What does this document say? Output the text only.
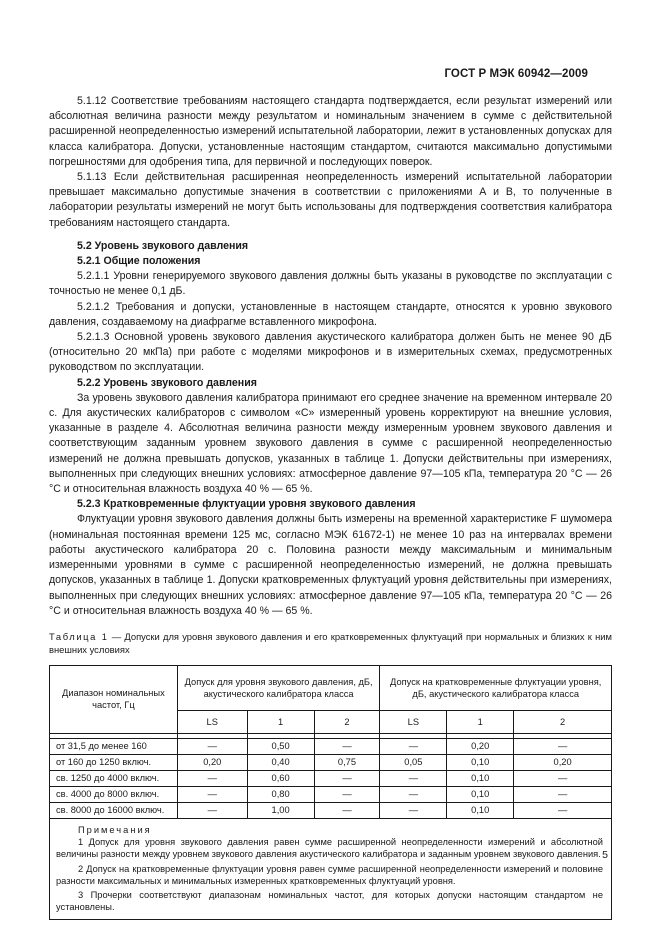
ГОСТ Р МЭК 60942—2009

5.1.12 Соответствие требованиям настоящего стандарта подтверждается, если результат измерений или абсолютная величина разности между результатом и номинальным значением в сумме с действительной расширенной неопределенностью измерений испытательной лаборатории, лежит в установленных допусках для класса калибратора. Допуски, установленные настоящим стандартом, считаются максимально допустимыми погрешностями для одобрения типа, для первичной и последующих поверок.

5.1.13 Если действительная расширенная неопределенность измерений испытательной лаборатории превышает максимально допустимые значения в соответствии с приложениями А и В, то полученные в лаборатории результаты измерений не могут быть использованы для подтверждения соответствия калибратора требованиям настоящего стандарта.

5.2 Уровень звукового давления

5.2.1 Общие положения

5.2.1.1 Уровни генерируемого звукового давления должны быть указаны в руководстве по эксплуатации с точностью не менее 0,1 дБ.

5.2.1.2 Требования и допуски, установленные в настоящем стандарте, относятся к уровню звукового давления, создаваемому на диафрагме вставленного микрофона.

5.2.1.3 Основной уровень звукового давления акустического калибратора должен быть не менее 90 дБ (относительно 20 мкПа) при работе с моделями микрофонов и в измерительных схемах, предусмотренных руководством по эксплуатации.

5.2.2 Уровень звукового давления

За уровень звукового давления калибратора принимают его среднее значение на временном интервале 20 с. Для акустических калибраторов с символом «С» измеренный уровень корректируют на внешние условия, указанные в разделе 4. Абсолютная величина разности между измеренным уровнем звукового давления и соответствующим заданным уровнем звукового давления в сумме с расширенной неопределенностью измерений не должна превышать допусков, указанных в таблице 1. Допуски действительны при измерениях, выполненных при следующих внешних условиях: атмосферное давление 97—105 кПа, температура 20 °С — 26 °С и относительная влажность воздуха 40 % — 65 %.

5.2.3 Кратковременные флуктуации уровня звукового давления

Флуктуации уровня звукового давления должны быть измерены на временной характеристике F шумомера (номинальная постоянная времени 125 мс, согласно МЭК 61672-1) не менее 10 раз на интервалах времени работы акустического калибратора 20 с. Половина разности между максимальным и минимальным измеренными уровнями в сумме с расширенной неопределенностью измерений, не должна превышать допусков, указанных в таблице 1. Допуски кратковременных флуктуаций уровня действительны при измерениях, выполненных при следующих внешних условиях: атмосферное давление 97—105 кПа, температура 20 °С — 26 °С и относительная влажность воздуха 40 % — 65 %.

Таблица 1 — Допуски для уровня звукового давления и его кратковременных флуктуаций при нормальных и близких к ним внешних условиях
Диапазон номинальных частот, Гц	Допуск для уровня звукового давления, дБ, акустического калибратора класса			Допуск на кратковременные флуктуации уровня, дБ, акустического калибратора класса		
	LS	1	2	LS	1	2

от 31,5 до менее 160	—	0,50	—	—	0,20	—
от 160 до 1250 включ.	0,20	0,40	0,75	0,05	0,10	0,20
св. 1250 до 4000 включ.	—	0,60	—	—	0,10	—
св. 4000 до 8000 включ.	—	0,80	—	—	0,10	—
св. 8000 до 16000 включ.	—	1,00	—	—	0,10	—

Примечания

1 Допуск для уровня звукового давления равен сумме расширенной неопределенности измерений и абсолютной величины разности между уровнем звукового давления акустического калибратора и заданным уровнем звукового давления.

2 Допуск на кратковременные флуктуации уровня равен сумме расширенной неопределенности измерений и половине разности максимальных и минимальных измеренных кратковременных флуктуаций уровня.

3 Прочерки соответствуют диапазонам номинальных частот, для которых допуски настоящим стандартом не установлены.						

5
